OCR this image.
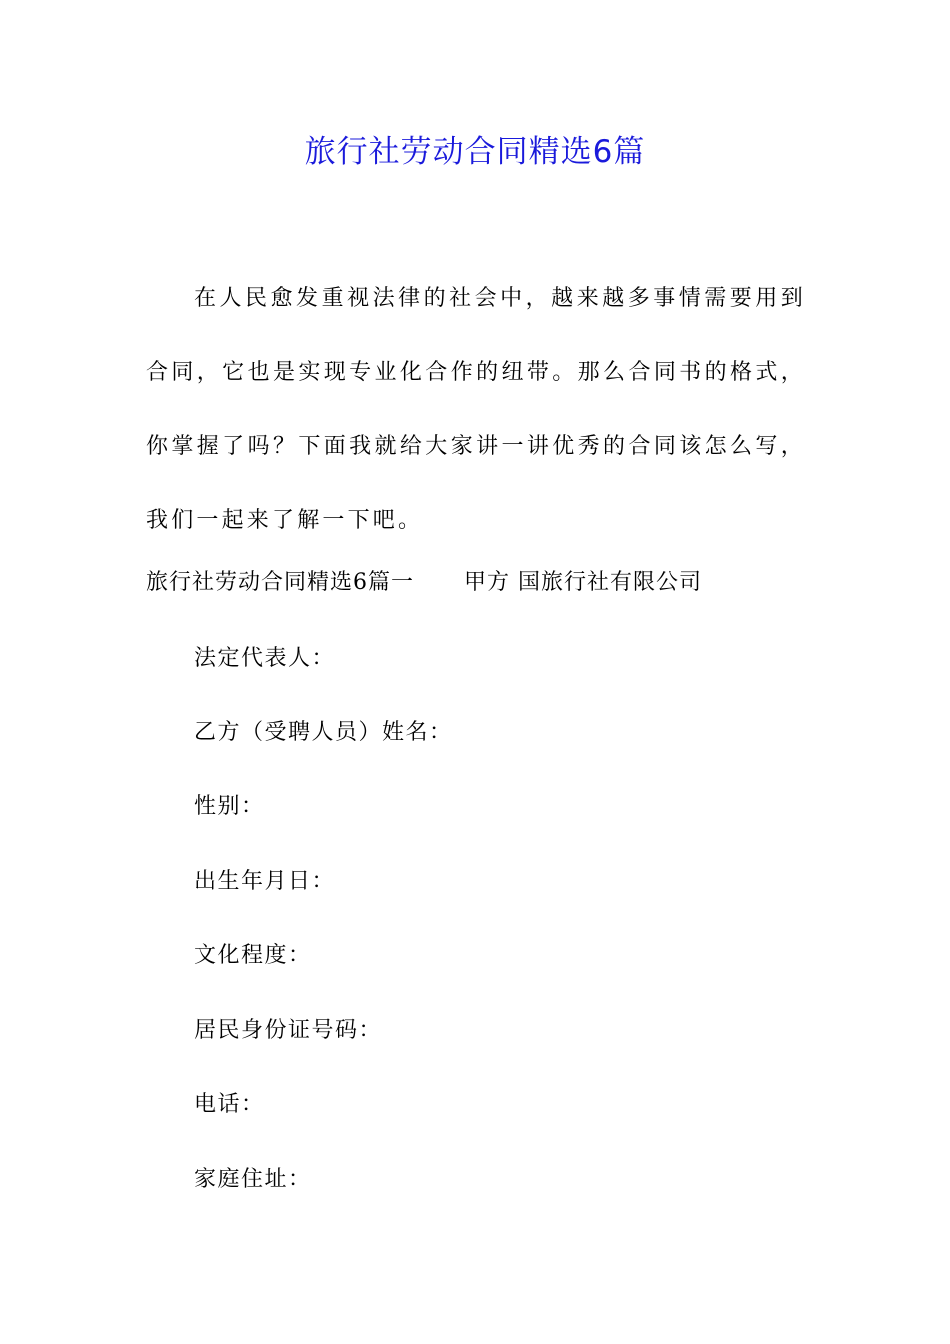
旅行社劳动合同精选6篇

在人民愈发重视法律的社会中，越来越多事情需要用到合同，它也是实现专业化合作的纽带。那么合同书的格式，你掌握了吗？下面我就给大家讲一讲优秀的合同该怎么写，我们一起来了解一下吧。

旅行社劳动合同精选6篇一 甲方 国旅行社有限公司

法定代表人：

乙方（受聘人员）姓名：

性别：

出生年月日：

文化程度：

居民身份证号码：

电话：

家庭住址：
